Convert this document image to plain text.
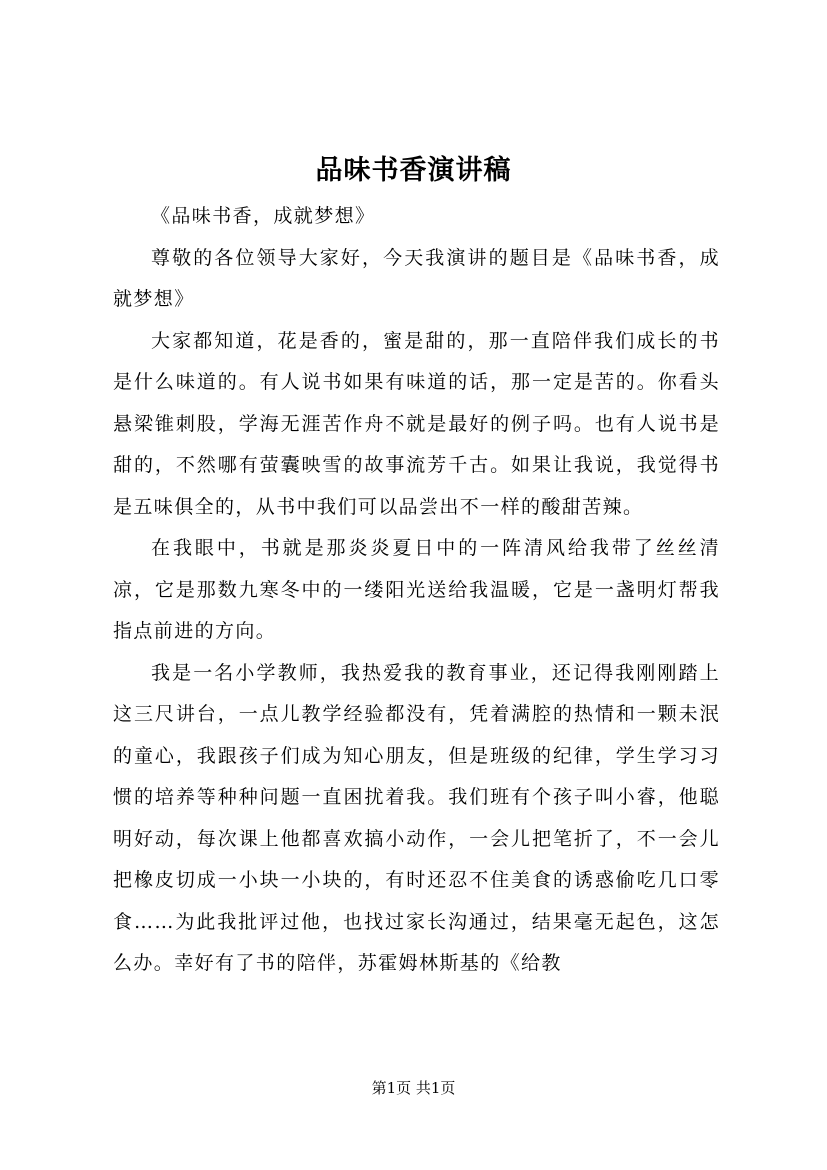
品味书香演讲稿

《品味书香，成就梦想》

尊敬的各位领导大家好，今天我演讲的题目是《品味书香，成就梦想》

大家都知道，花是香的，蜜是甜的，那一直陪伴我们成长的书是什么味道的。有人说书如果有味道的话，那一定是苦的。你看头悬梁锥刺股，学海无涯苦作舟不就是最好的例子吗。也有人说书是甜的，不然哪有萤囊映雪的故事流芳千古。如果让我说，我觉得书是五味俱全的，从书中我们可以品尝出不一样的酸甜苦辣。

在我眼中，书就是那炎炎夏日中的一阵清风给我带了丝丝清凉，它是那数九寒冬中的一缕阳光送给我温暖，它是一盏明灯帮我指点前进的方向。

我是一名小学教师，我热爱我的教育事业，还记得我刚刚踏上这三尺讲台，一点儿教学经验都没有，凭着满腔的热情和一颗未泯的童心，我跟孩子们成为知心朋友，但是班级的纪律，学生学习习惯的培养等种种问题一直困扰着我。我们班有个孩子叫小睿，他聪明好动，每次课上他都喜欢搞小动作，一会儿把笔折了，不一会儿把橡皮切成一小块一小块的，有时还忍不住美食的诱惑偷吃几口零食……为此我批评过他，也找过家长沟通过，结果毫无起色，这怎么办。幸好有了书的陪伴，苏霍姆林斯基的《给教

第1页 共1页
